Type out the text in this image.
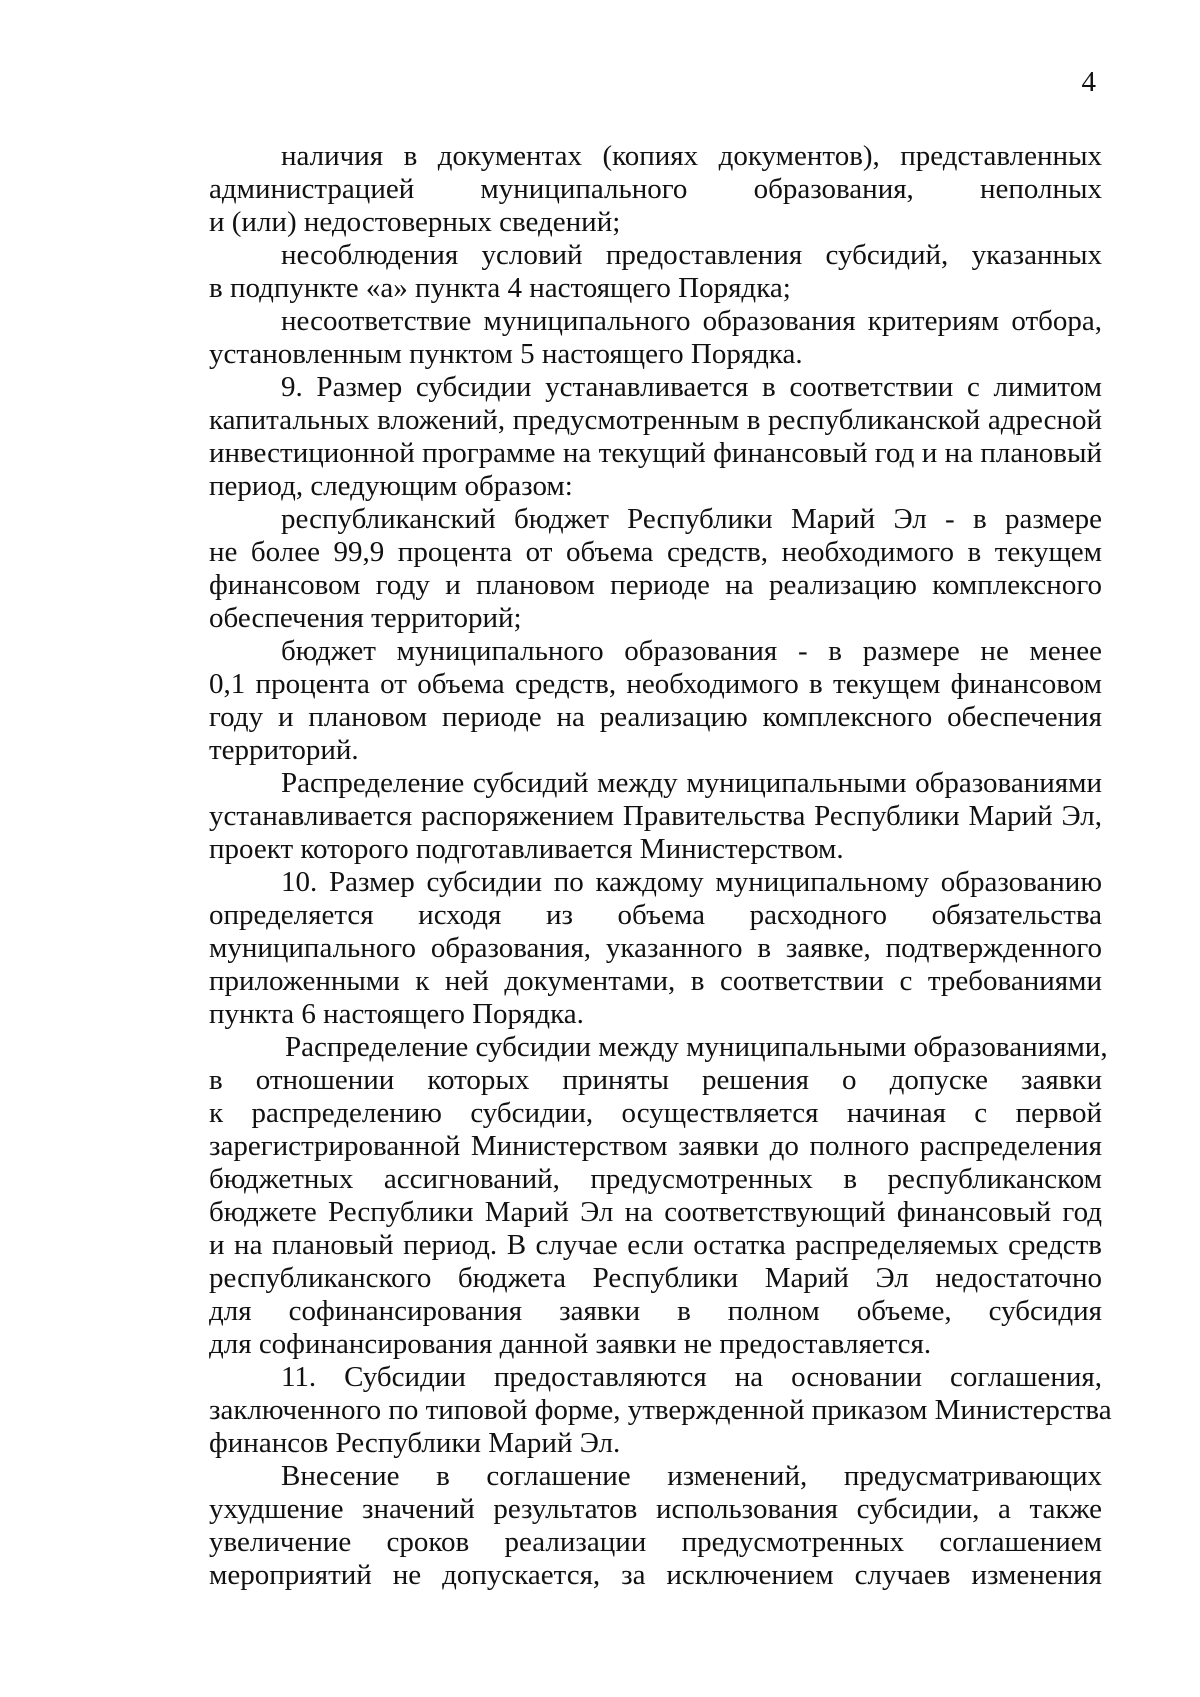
4
наличия в документах (копиях документов), представленных
администрацией муниципального образования, неполных
и (или) недостоверных сведений;
несоблюдения условий предоставления субсидий, указанных
в подпункте «а» пункта 4 настоящего Порядка;
несоответствие муниципального образования критериям отбора,
установленным пунктом 5 настоящего Порядка.
9. Размер субсидии устанавливается в соответствии с лимитом
капитальных вложений, предусмотренным в республиканской адресной
инвестиционной программе на текущий финансовый год и на плановый
период, следующим образом:
республиканский бюджет Республики Марий Эл - в размере
не более 99,9 процента от объема средств, необходимого в текущем
финансовом году и плановом периоде на реализацию комплексного
обеспечения территорий;
бюджет муниципального образования - в размере не менее
0,1 процента от объема средств, необходимого в текущем финансовом
году и плановом периоде на реализацию комплексного обеспечения
территорий.
Распределение субсидий между муниципальными образованиями
устанавливается распоряжением Правительства Республики Марий Эл,
проект которого подготавливается Министерством.
10. Размер субсидии по каждому муниципальному образованию
определяется исходя из объема расходного обязательства
муниципального образования, указанного в заявке, подтвержденного
приложенными к ней документами, в соответствии с требованиями
пункта 6 настоящего Порядка.
Распределение субсидии между муниципальными образованиями,
в отношении которых приняты решения о допуске заявки
к распределению субсидии, осуществляется начиная с первой
зарегистрированной Министерством заявки до полного распределения
бюджетных ассигнований, предусмотренных в республиканском
бюджете Республики Марий Эл на соответствующий финансовый год
и на плановый период. В случае если остатка распределяемых средств
республиканского бюджета Республики Марий Эл недостаточно
для софинансирования заявки в полном объеме, субсидия
для софинансирования данной заявки не предоставляется.
11. Субсидии предоставляются на основании соглашения,
заключенного по типовой форме, утвержденной приказом Министерства
финансов Республики Марий Эл.
Внесение в соглашение изменений, предусматривающих
ухудшение значений результатов использования субсидии, а также
увеличение сроков реализации предусмотренных соглашением
мероприятий не допускается, за исключением случаев изменения
